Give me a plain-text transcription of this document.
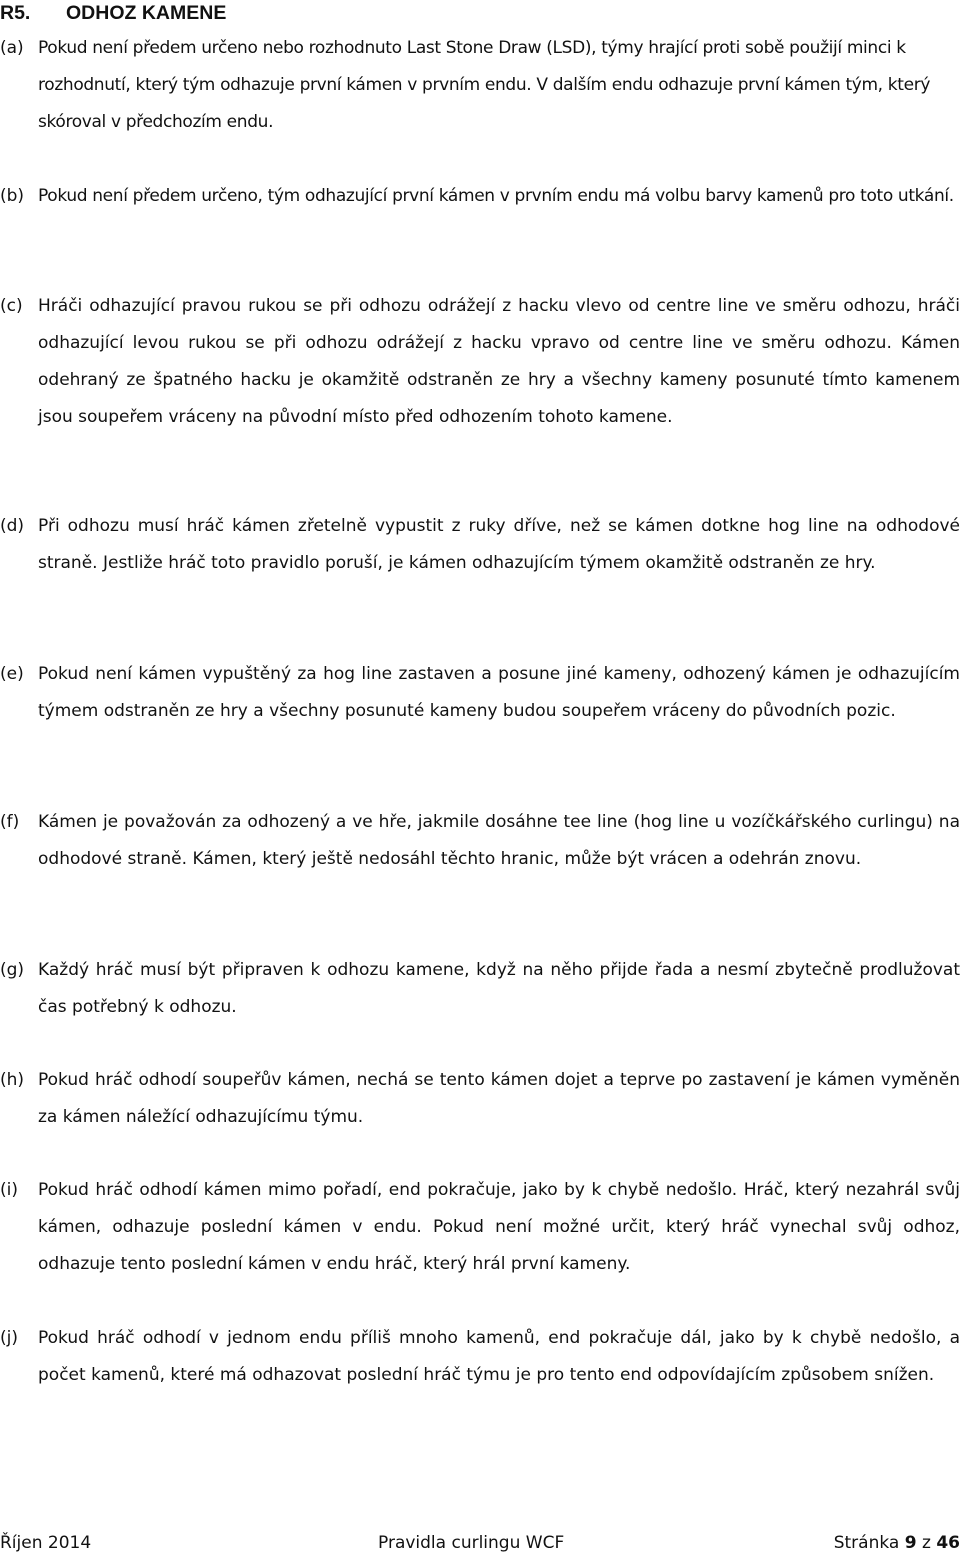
R5. ODHOZ KAMENE
(a) Pokud není předem určeno nebo rozhodnuto Last Stone Draw (LSD), týmy hrající proti sobě použijí minci k rozhodnutí, který tým odhazuje první kámen v prvním endu. V dalším endu odhazuje první kámen tým, který skóroval v předchozím endu.
(b) Pokud není předem určeno, tým odhazující první kámen v prvním endu má volbu barvy kamenů pro toto utkání.
(c) Hráči odhazující pravou rukou se při odhozu odrážejí z hacku vlevo od centre line ve směru odhozu, hráči odhazující levou rukou se při odhozu odrážejí z hacku vpravo od centre line ve směru odhozu. Kámen odehraný ze špatného hacku je okamžitě odstraněn ze hry a všechny kameny posunuté tímto kamenem jsou soupeřem vráceny na původní místo před odhozením tohoto kamene.
(d) Při odhozu musí hráč kámen zřetelně vypustit z ruky dříve, než se kámen dotkne hog line na odhodové straně. Jestliže hráč toto pravidlo poruší, je kámen odhazujícím týmem okamžitě odstraněn ze hry.
(e) Pokud není kámen vypuštěný za hog line zastaven a posune jiné kameny, odhozený kámen je odhazujícím týmem odstraněn ze hry a všechny posunuté kameny budou soupeřem vráceny do původních pozic.
(f)	Kámen je považován za odhozený a ve hře, jakmile dosáhne tee line (hog line u vozíčkářského curlingu) na odhodové straně. Kámen, který ještě nedosáhl těchto hranic, může být vrácen a odehrán znovu.
(g) Každý hráč musí být připraven k odhozu kamene, když na něho přijde řada a nesmí zbytečně prodlužovat čas potřebný k odhozu.
(h) Pokud hráč odhodí soupeřův kámen, nechá se tento kámen dojet a teprve po zastavení je kámen vyměněn za kámen náležící odhazujícímu týmu.
(i)	Pokud hráč odhodí kámen mimo pořadí, end pokračuje, jako by k chybě nedošlo. Hráč, který nezahrál svůj kámen, odhazuje poslední kámen v endu. Pokud není možné určit, který hráč vynechal svůj odhoz, odhazuje tento poslední kámen v endu hráč, který hrál první kameny.
(j)	Pokud hráč odhodí v jednom endu příliš mnoho kamenů, end pokračuje dál, jako by k chybě nedošlo, a počet kamenů, které má odhazovat poslední hráč týmu je pro tento end odpovídajícím způsobem snížen.
Říjen 2014	Pravidla curlingu WCF	Stránka 9 z 46
